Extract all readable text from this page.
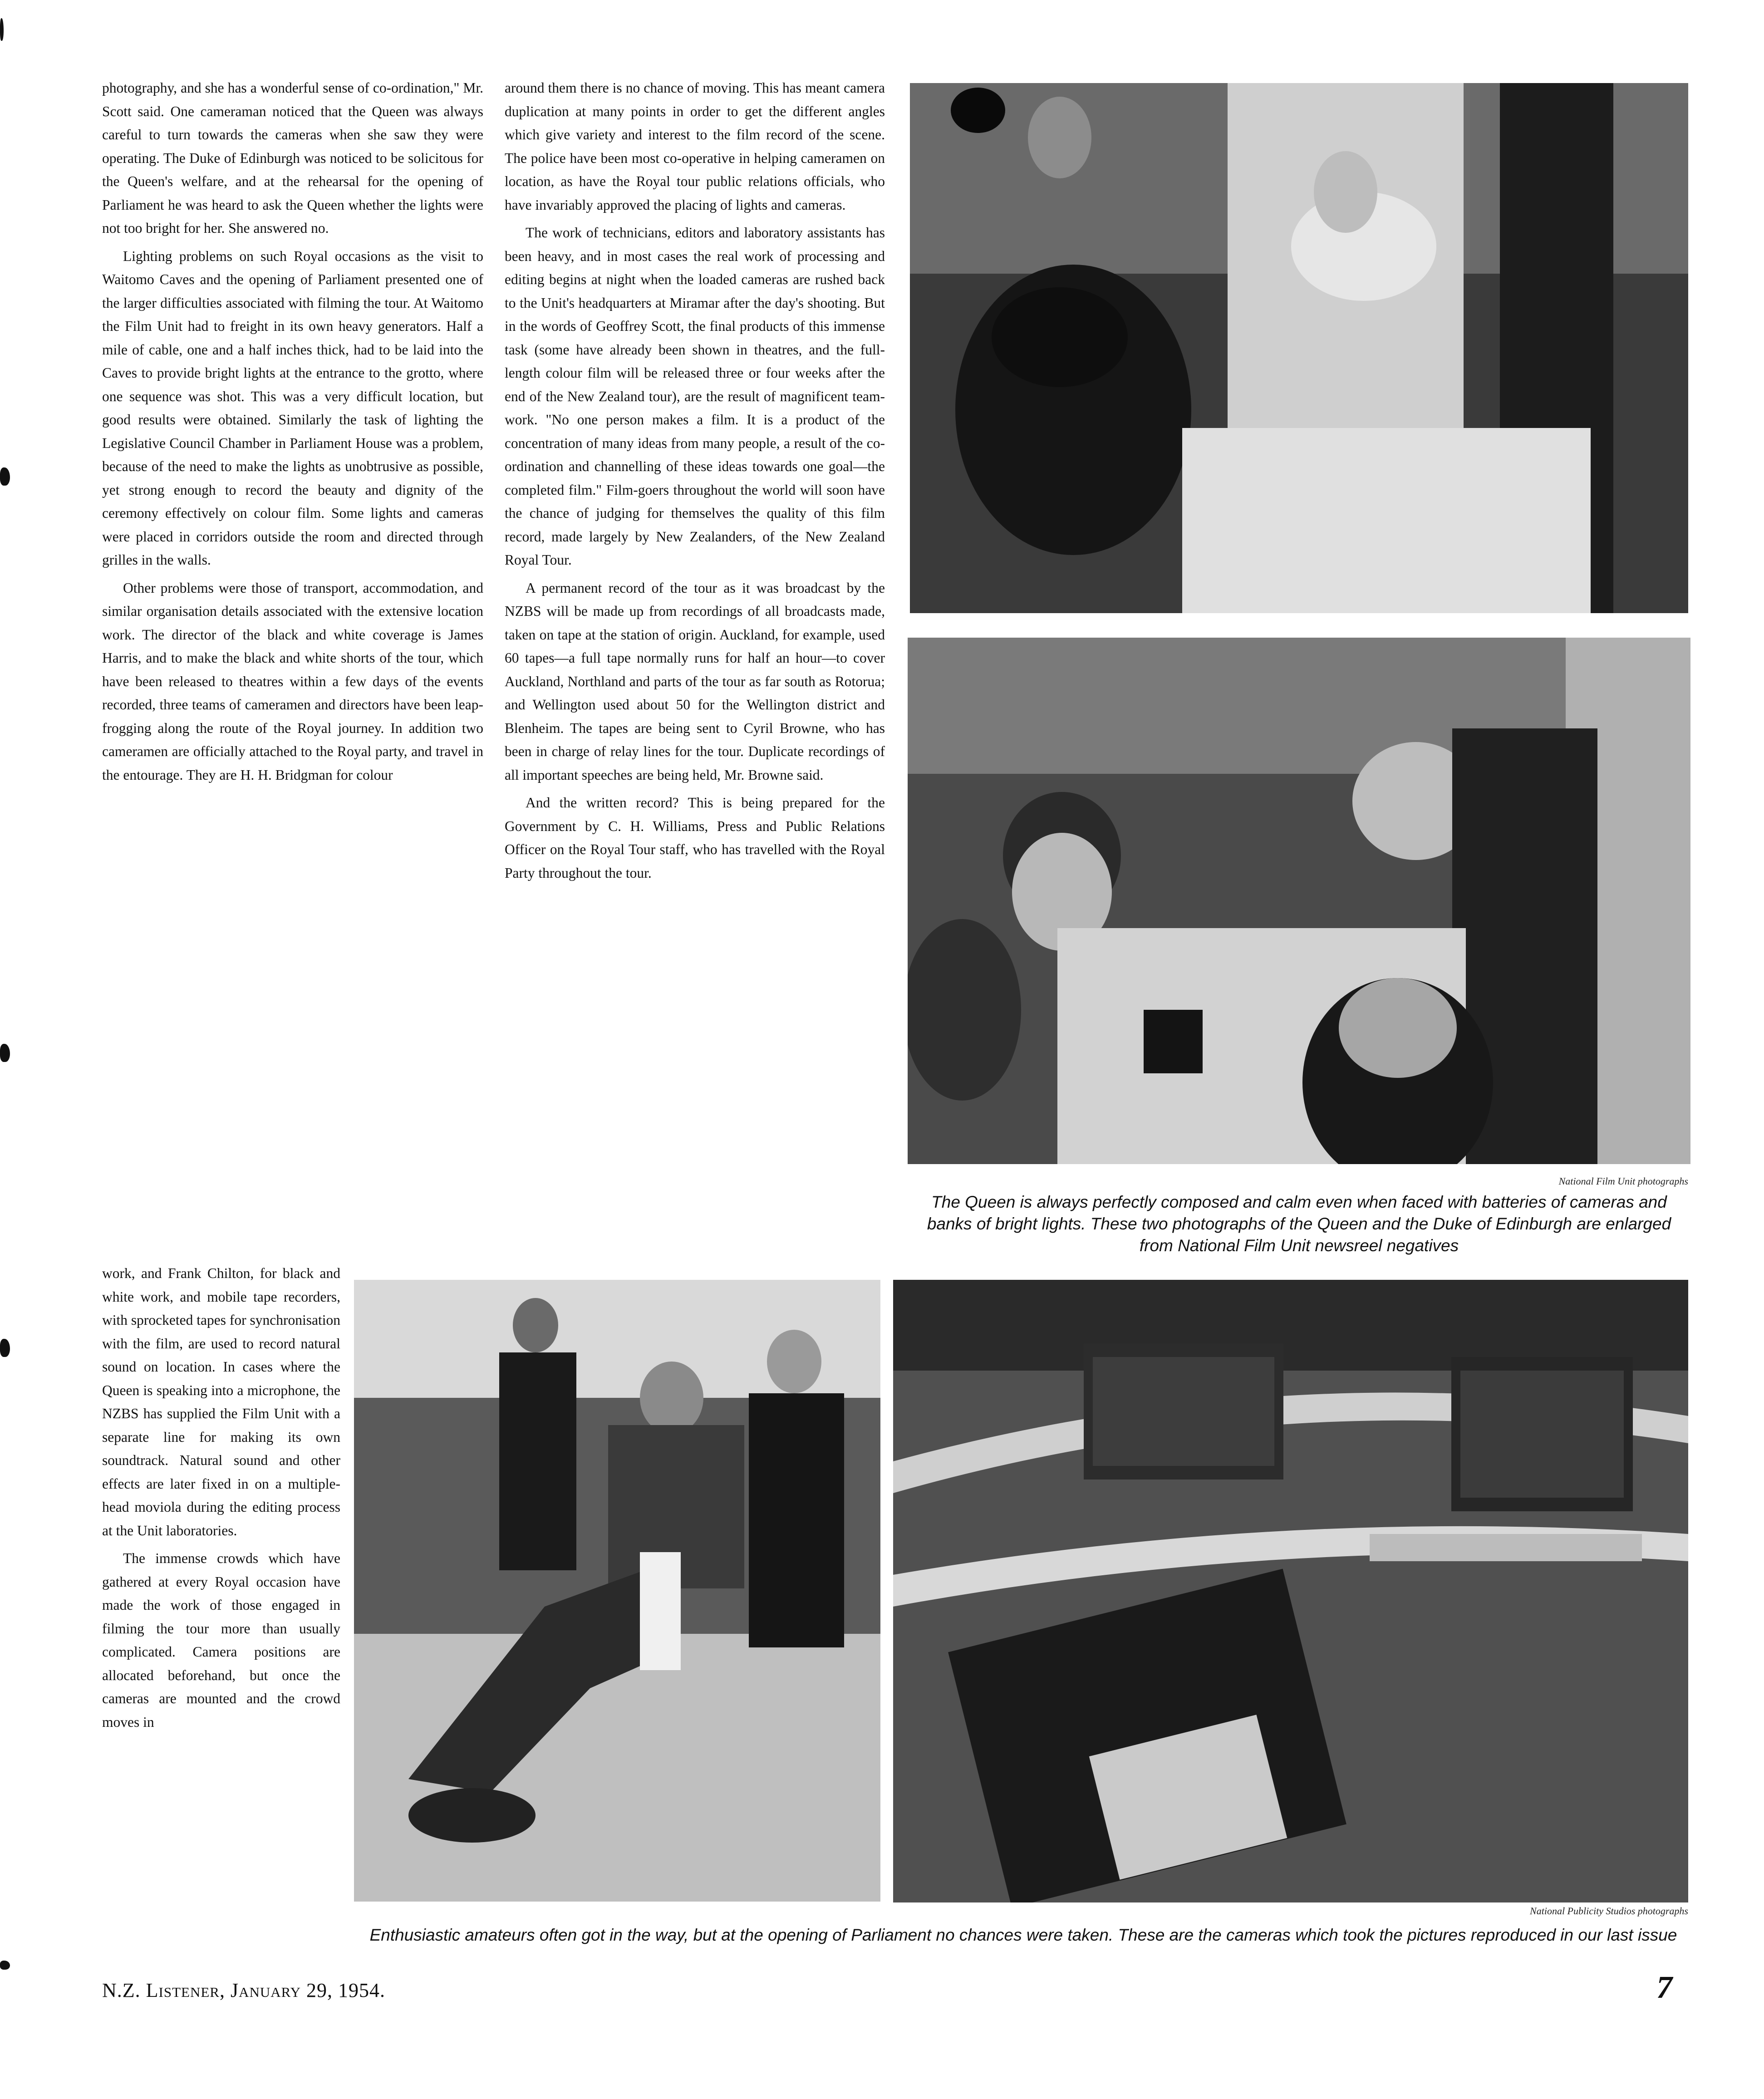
photography, and she has a wonderful sense of co-ordination," Mr. Scott said. One cameraman noticed that the Queen was always careful to turn towards the cameras when she saw they were operating. The Duke of Edinburgh was noticed to be solicitous for the Queen's welfare, and at the rehearsal for the opening of Parliament he was heard to ask the Queen whether the lights were not too bright for her. She answered no.

Lighting problems on such Royal occasions as the visit to Waitomo Caves and the opening of Parliament presented one of the larger difficulties associated with filming the tour. At Waitomo the Film Unit had to freight in its own heavy generators. Half a mile of cable, one and a half inches thick, had to be laid into the Caves to provide bright lights at the entrance to the grotto, where one sequence was shot. This was a very difficult location, but good results were obtained. Similarly the task of lighting the Legislative Council Chamber in Parliament House was a problem, because of the need to make the lights as unobtrusive as possible, yet strong enough to record the beauty and dignity of the ceremony effectively on colour film. Some lights and cameras were placed in corridors outside the room and directed through grilles in the walls.

Other problems were those of transport, accommodation, and similar organisation details associated with the extensive location work. The director of the black and white coverage is James Harris, and to make the black and white shorts of the tour, which have been released to theatres within a few days of the events recorded, three teams of cameramen and directors have been leap-frogging along the route of the Royal journey. In addition two cameramen are officially attached to the Royal party, and travel in the entourage. They are H. H. Bridgman for colour

work, and Frank Chilton, for black and white work, and mobile tape recorders, with sprocketed tapes for synchronisation with the film, are used to record natural sound on location. In cases where the Queen is speaking into a microphone, the NZBS has supplied the Film Unit with a separate line for making its own soundtrack. Natural sound and other effects are later fixed in on a multiple-head moviola during the editing process at the Unit laboratories.

The immense crowds which have gathered at every Royal occasion have made the work of those engaged in filming the tour more than usually complicated. Camera positions are allocated beforehand, but once the cameras are mounted and the crowd moves in

around them there is no chance of moving. This has meant camera duplication at many points in order to get the different angles which give variety and interest to the film record of the scene. The police have been most co-operative in helping cameramen on location, as have the Royal tour public relations officials, who have invariably approved the placing of lights and cameras.

The work of technicians, editors and laboratory assistants has been heavy, and in most cases the real work of processing and editing begins at night when the loaded cameras are rushed back to the Unit's headquarters at Miramar after the day's shooting. But in the words of Geoffrey Scott, the final products of this immense task (some have already been shown in theatres, and the full-length colour film will be released three or four weeks after the end of the New Zealand tour), are the result of magnificent team-work. "No one person makes a film. It is a product of the concentration of many ideas from many people, a result of the co-ordination and channelling of these ideas towards one goal—the completed film." Film-goers throughout the world will soon have the chance of judging for themselves the quality of this film record, made largely by New Zealanders, of the New Zealand Royal Tour.

A permanent record of the tour as it was broadcast by the NZBS will be made up from recordings of all broadcasts made, taken on tape at the station of origin. Auckland, for example, used 60 tapes—a full tape normally runs for half an hour—to cover Auckland, Northland and parts of the tour as far south as Rotorua; and Wellington used about 50 for the Wellington district and Blenheim. The tapes are being sent to Cyril Browne, who has been in charge of relay lines for the tour. Duplicate recordings of all important speeches are being held, Mr. Browne said.

And the written record? This is being prepared for the Government by C. H. Williams, Press and Public Relations Officer on the Royal Tour staff, who has travelled with the Royal Party throughout the tour.

National Film Unit photographs
National Publicity Studios photographs
The Queen is always perfectly composed and calm even when faced with batteries of cameras and banks of bright lights. These two photographs of the Queen and the Duke of Edinburgh are enlarged from National Film Unit newsreel negatives
Enthusiastic amateurs often got in the way, but at the opening of Parliament no chances were taken. These are the cameras which took the pictures reproduced in our last issue
N.Z. Listener, January 29, 1954.	7
